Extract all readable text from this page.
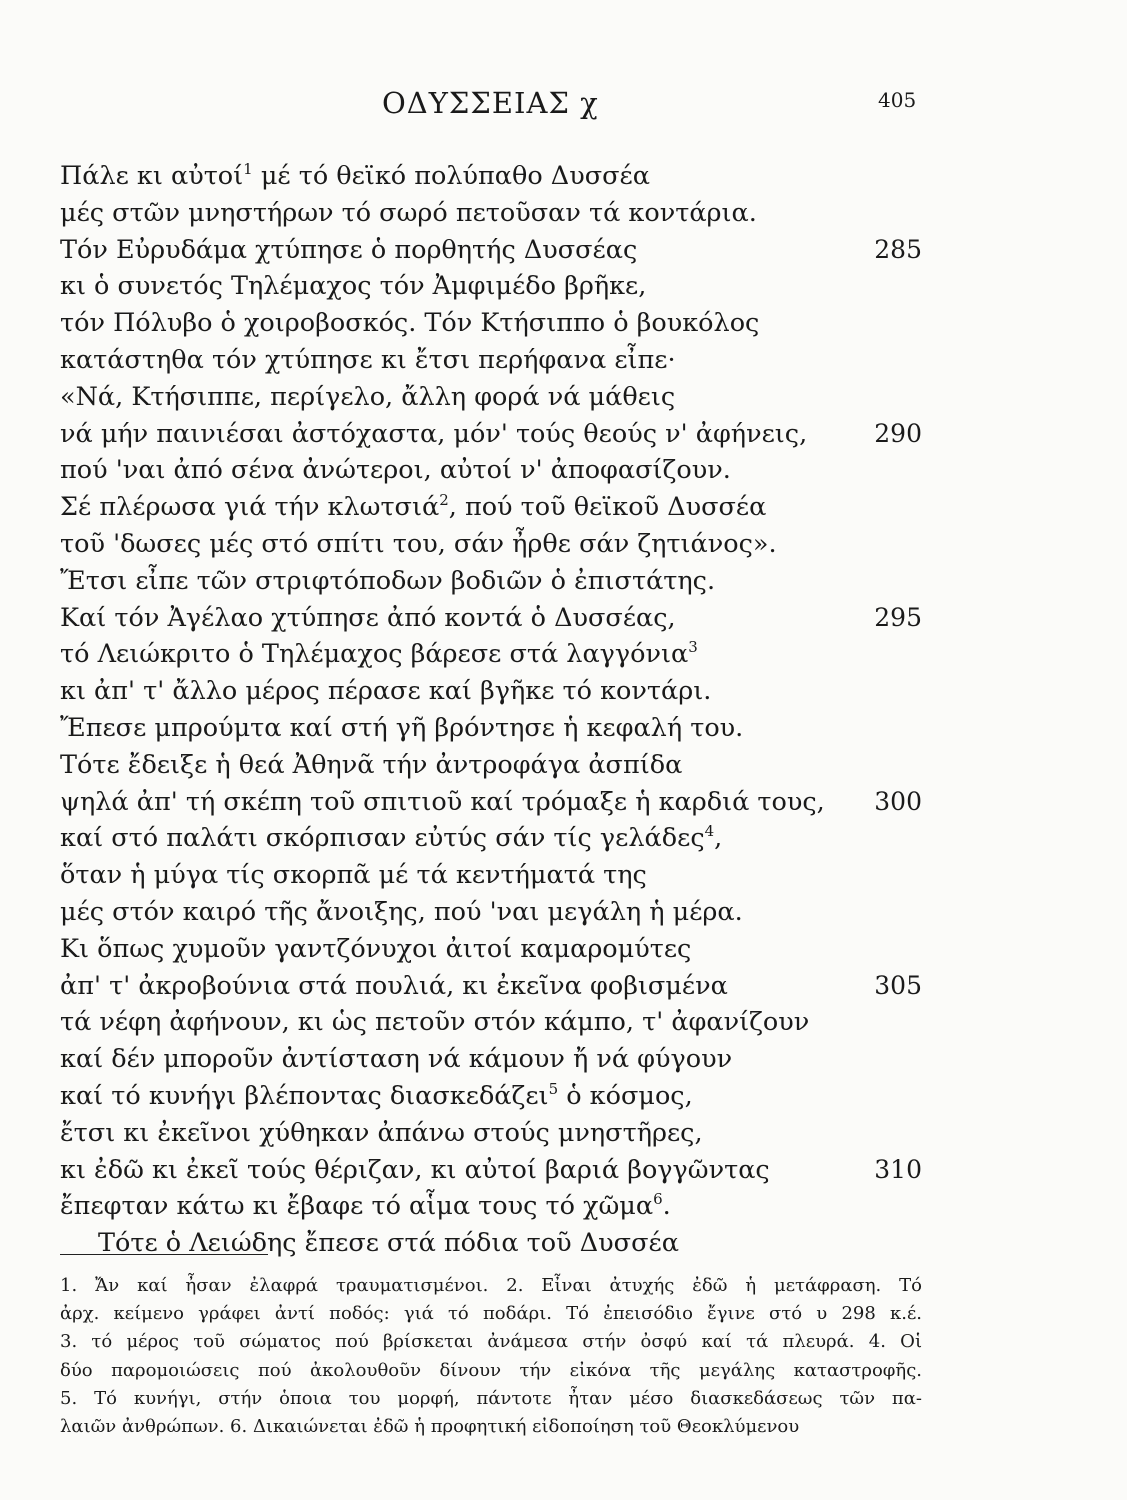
ΟΔΥΣΣΕΙΑΣ χ	405
Πάλε κι αὐτοί$^1$ μέ τό θεϊκό πολύπαθο Δυσσέα
μές στῶν μνηστήρων τό σωρό πετοῦσαν τά κοντάρια.
Τόν Εὐρυδάμα χτύπησε ὁ πορθητής Δυσσέας	285
κι ὁ συνετός Τηλέμαχος τόν Ἀμφιμέδο βρῆκε,
τόν Πόλυβο ὁ χοιροβοσκός. Τόν Κτήσιππο ὁ βουκόλος
κατάστηθα τόν χτύπησε κι ἔτσι περήφανα εἶπε·
«Νά, Κτήσιππε, περίγελο, ἄλλη φορά νά μάθεις
νά μήν παινιέσαι ἀστόχαστα, μόν' τούς θεούς ν' ἀφήνεις,	290
πού 'ναι ἀπό σένα ἀνώτεροι, αὐτοί ν' ἀποφασίζουν.
Σέ πλέρωσα γιά τήν κλωτσιά$^2$, πού τοῦ θεϊκοῦ Δυσσέα
τοῦ 'δωσες μές στό σπίτι του, σάν ἦρθε σάν ζητιάνος».
Ἔτσι εἶπε τῶν στριφτόποδων βοδιῶν ὁ ἐπιστάτης.
Καί τόν Ἀγέλαο χτύπησε ἀπό κοντά ὁ Δυσσέας,	295
τό Λειώκριτο ὁ Τηλέμαχος βάρεσε στά λαγγόνια$^3$
κι ἀπ' τ' ἄλλο μέρος πέρασε καί βγῆκε τό κοντάρι.
Ἔπεσε μπρούμτα καί στή γῆ βρόντησε ἡ κεφαλή του.
Τότε ἔδειξε ἡ θεά Ἀθηνᾶ τήν ἀντροφάγα ἀσπίδα
ψηλά ἀπ' τή σκέπη τοῦ σπιτιοῦ καί τρόμαξε ἡ καρδιά τους, 300
καί στό παλάτι σκόρπισαν εὐτύς σάν τίς γελάδες$^4$,
ὅταν ἡ μύγα τίς σκορπᾶ μέ τά κεντήματά της
μές στόν καιρό τῆς ἄνοιξης, πού 'ναι μεγάλη ἡ μέρα.
Κι ὅπως χυμοῦν γαντζόνυχοι ἀιτοί καμαρομύτες
ἀπ' τ' ἀκροβούνια στά πουλιά, κι ἐκεῖνα φοβισμένα	305
τά νέφη ἀφήνουν, κι ὡς πετοῦν στόν κάμπο, τ' ἀφανίζουν
καί δέν μποροῦν ἀντίσταση νά κάμουν ἤ νά φύγουν
καί τό κυνήγι βλέποντας διασκεδάζει$^5$ ὁ κόσμος,
ἔτσι κι ἐκεῖνοι χύθηκαν ἀπάνω στούς μνηστῆρες,
κι ἐδῶ κι ἐκεῖ τούς θέριζαν, κι αὐτοί βαριά βογγῶντας	310
ἔπεφταν κάτω κι ἔβαφε τό αἷμα τους τό χῶμα$^6$.
Τότε ὁ Λειώδης ἔπεσε στά πόδια τοῦ Δυσσέα
1. Ἄν καί ἦσαν ἐλαφρά τραυματισμένοι. 2. Εἶναι ἀτυχής ἐδῶ ἡ μετάφραση. Τό
ἀρχ. κείμενο γράφει ἀντί ποδός: γιά τό ποδάρι. Τό ἐπεισόδιο ἔγινε στό υ 298 κ.έ.
3. τό μέρος τοῦ σώματος πού βρίσκεται ἀνάμεσα στήν ὀσφύ καί τά πλευρά. 4. Οἱ
δύο παρομοιώσεις πού ἀκολουθοῦν δίνουν τήν εἰκόνα τῆς μεγάλης καταστροφῆς.
5. Τό κυνήγι, στήν ὁποια του μορφή, πάντοτε ἦταν μέσο διασκεδάσεως τῶν πα-
λαιῶν ἀνθρώπων. 6. Δικαιώνεται ἐδῶ ἡ προφητική εἰδοποίηση τοῦ Θεοκλύμενου
